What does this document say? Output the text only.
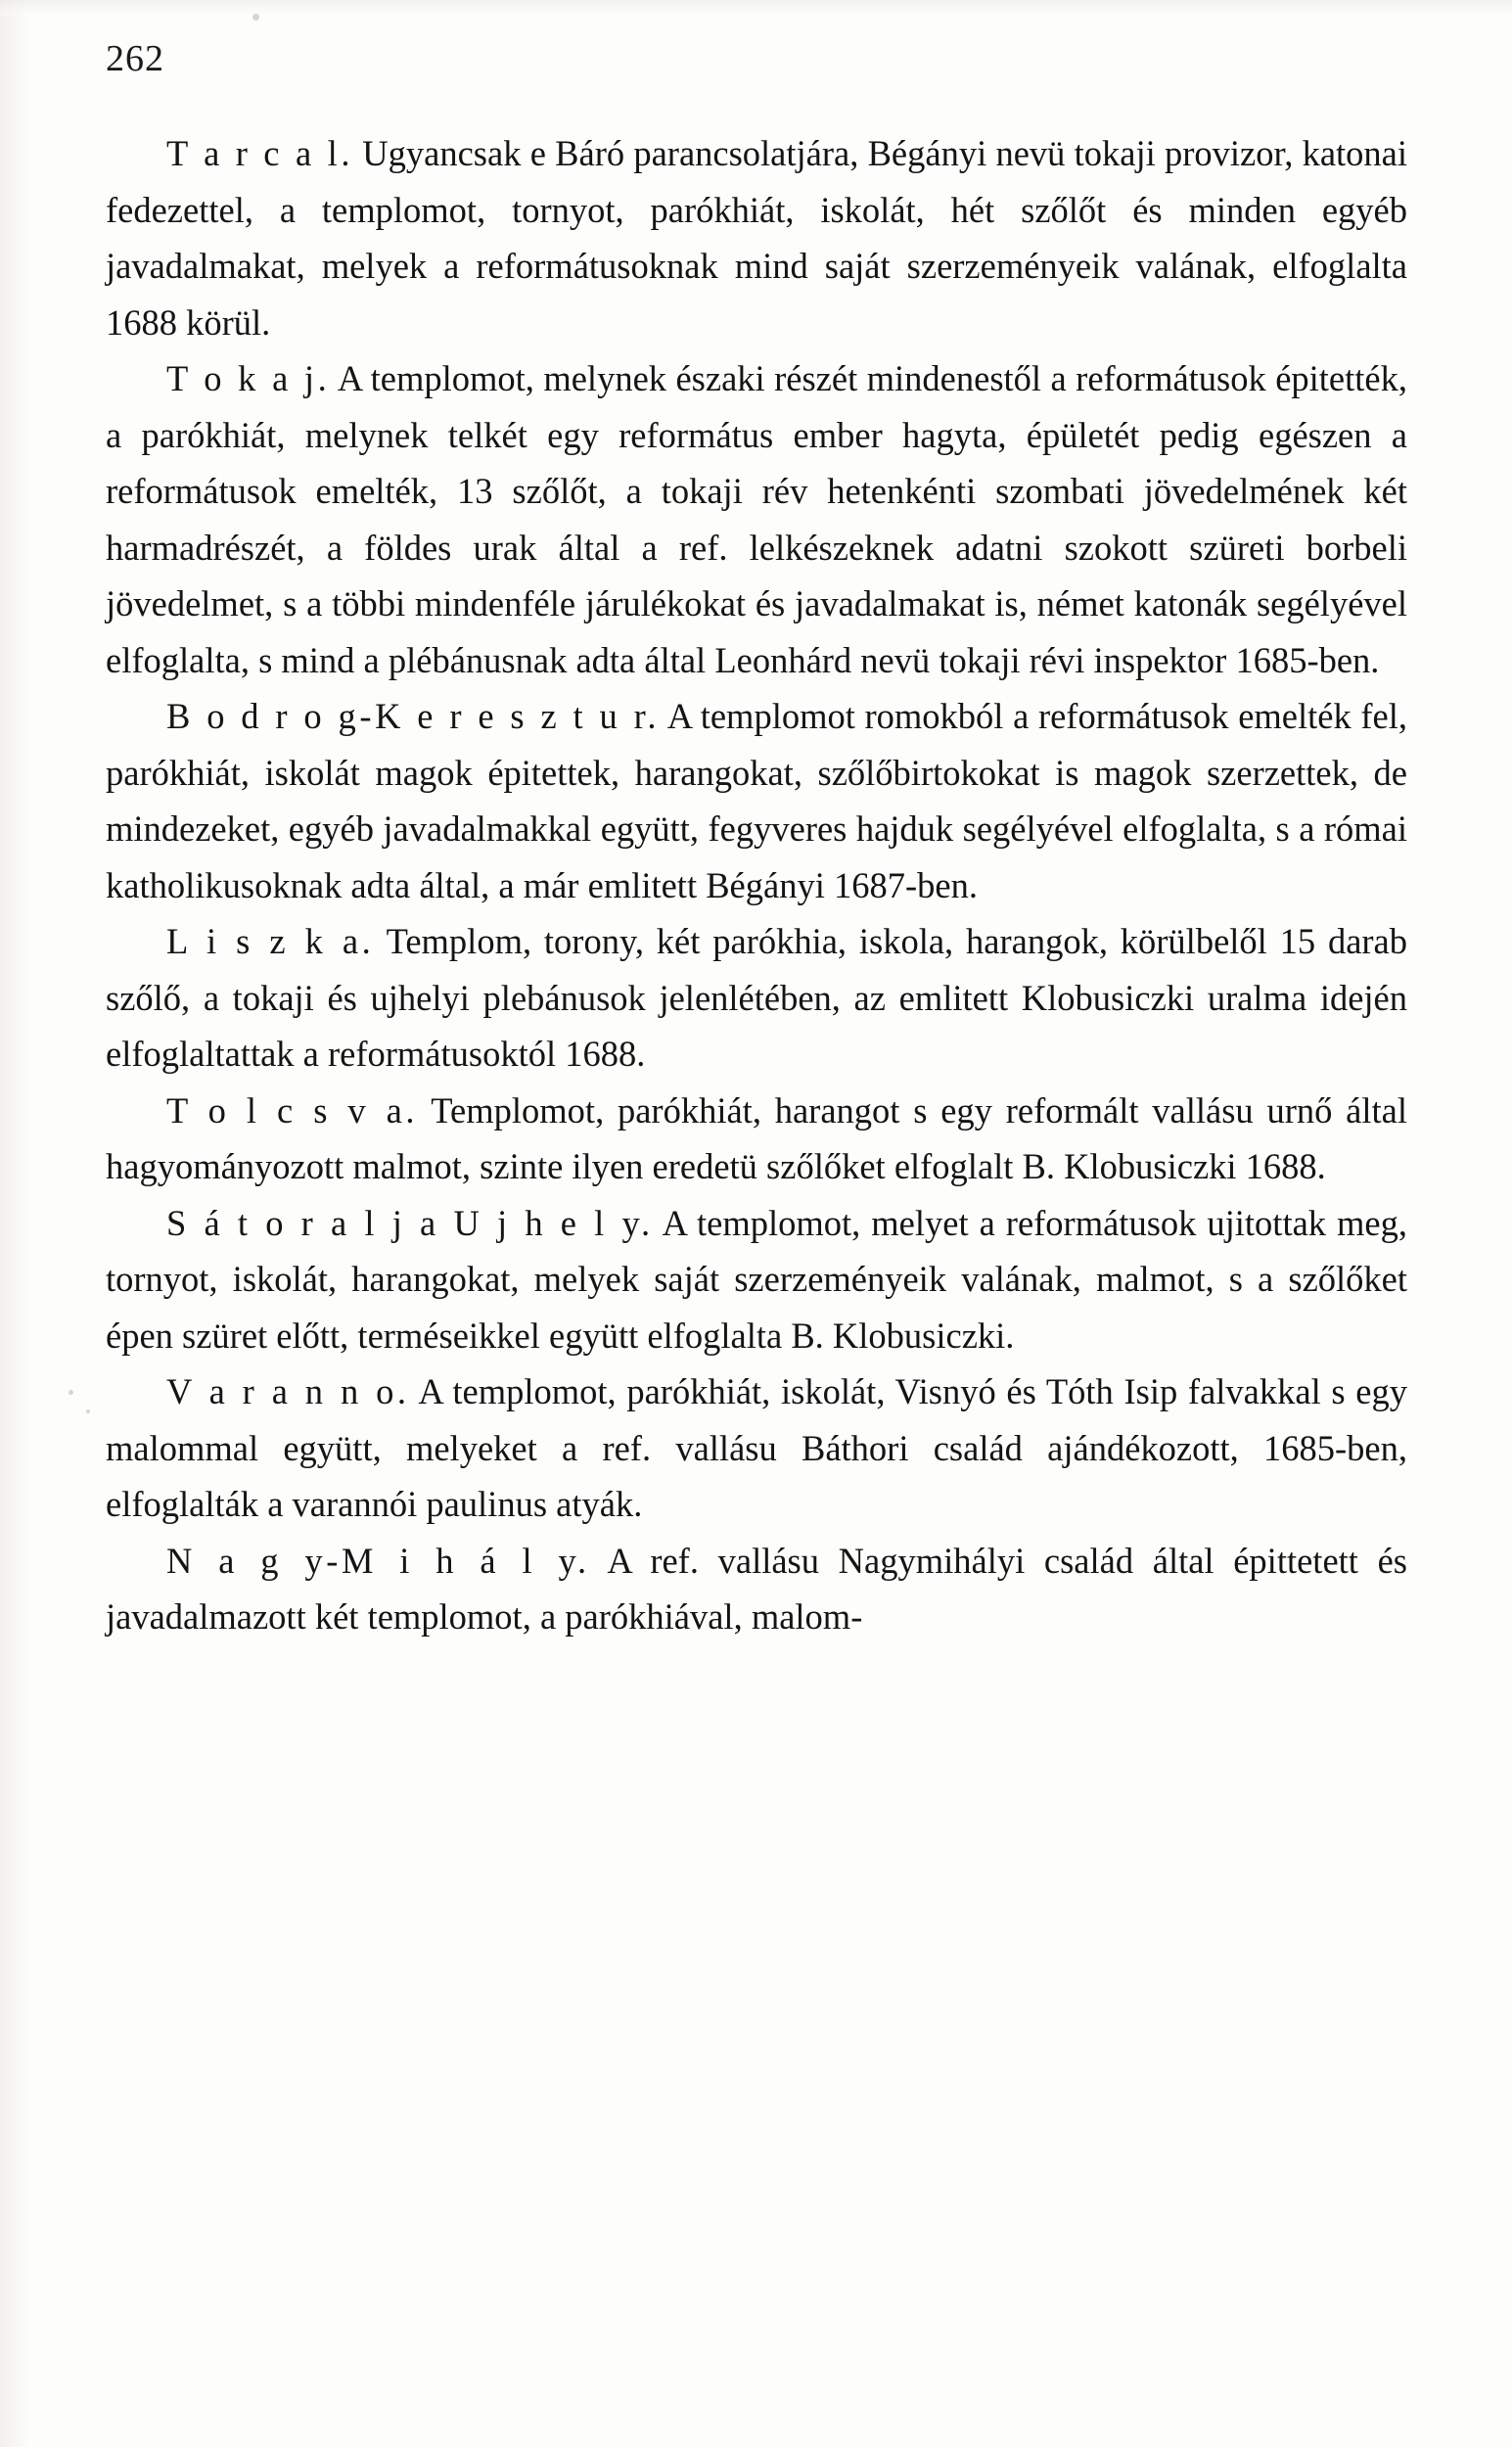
262

T a r c a l. Ugyancsak e Báró parancsolatjára, Bégányi nevü tokaji provizor, katonai fedezettel, a templomot, tornyot, parókhiát, iskolát, hét szőlőt és minden egyéb javadalmakat, melyek a reformátusoknak mind saját szerzeményeik valának, elfoglalta 1688 körül.

T o k a j. A templomot, melynek északi részét mindenestől a reformátusok épitették, a parókhiát, melynek telkét egy református ember hagyta, épületét pedig egészen a reformátusok emelték, 13 szőlőt, a tokaji rév hetenkénti szombati jövedelmének két harmadrészét, a földes urak által a ref. lelkészeknek adatni szokott szüreti borbeli jövedelmet, s a többi mindenféle járulékokat és javadalmakat is, német katonák segélyével elfoglalta, s mind a plébánusnak adta által Leonhárd nevü tokaji révi inspektor 1685-ben.

B o d r o g-K e r e s z t u r. A templomot romokból a reformátusok emelték fel, parókhiát, iskolát magok épitettek, harangokat, szőlőbirtokokat is magok szerzettek, de mindezeket, egyéb javadalmakkal együtt, fegyveres hajduk segélyével elfoglalta, s a római katholikusoknak adta által, a már emlitett Bégányi 1687-ben.

L i s z k a. Templom, torony, két parókhia, iskola, harangok, körülbelől 15 darab szőlő, a tokaji és ujhelyi plebánusok jelenlétében, az emlitett Klobusiczki uralma idején elfoglaltattak a reformátusoktól 1688.

T o l c s v a. Templomot, parókhiát, harangot s egy reformált vallásu urnő által hagyományozott malmot, szinte ilyen eredetü szőlőket elfoglalt B. Klobusiczki 1688.

S á t o r a l j a U j h e l y. A templomot, melyet a reformátusok ujitottak meg, tornyot, iskolát, harangokat, melyek saját szerzeményeik valának, malmot, s a szőlőket épen szüret előtt, terméseikkel együtt elfoglalta B. Klobusiczki.

V a r a n n o. A templomot, parókhiát, iskolát, Visnyó és Tóth Isip falvakkal s egy malommal együtt, melyeket a ref. vallásu Báthori család ajándékozott, 1685-ben, elfoglalták a varannói paulinus atyák.

N a g y-M i h á l y. A ref. vallásu Nagymihályi család által épittetett és javadalmazott két templomot, a parókhiával, malom-
